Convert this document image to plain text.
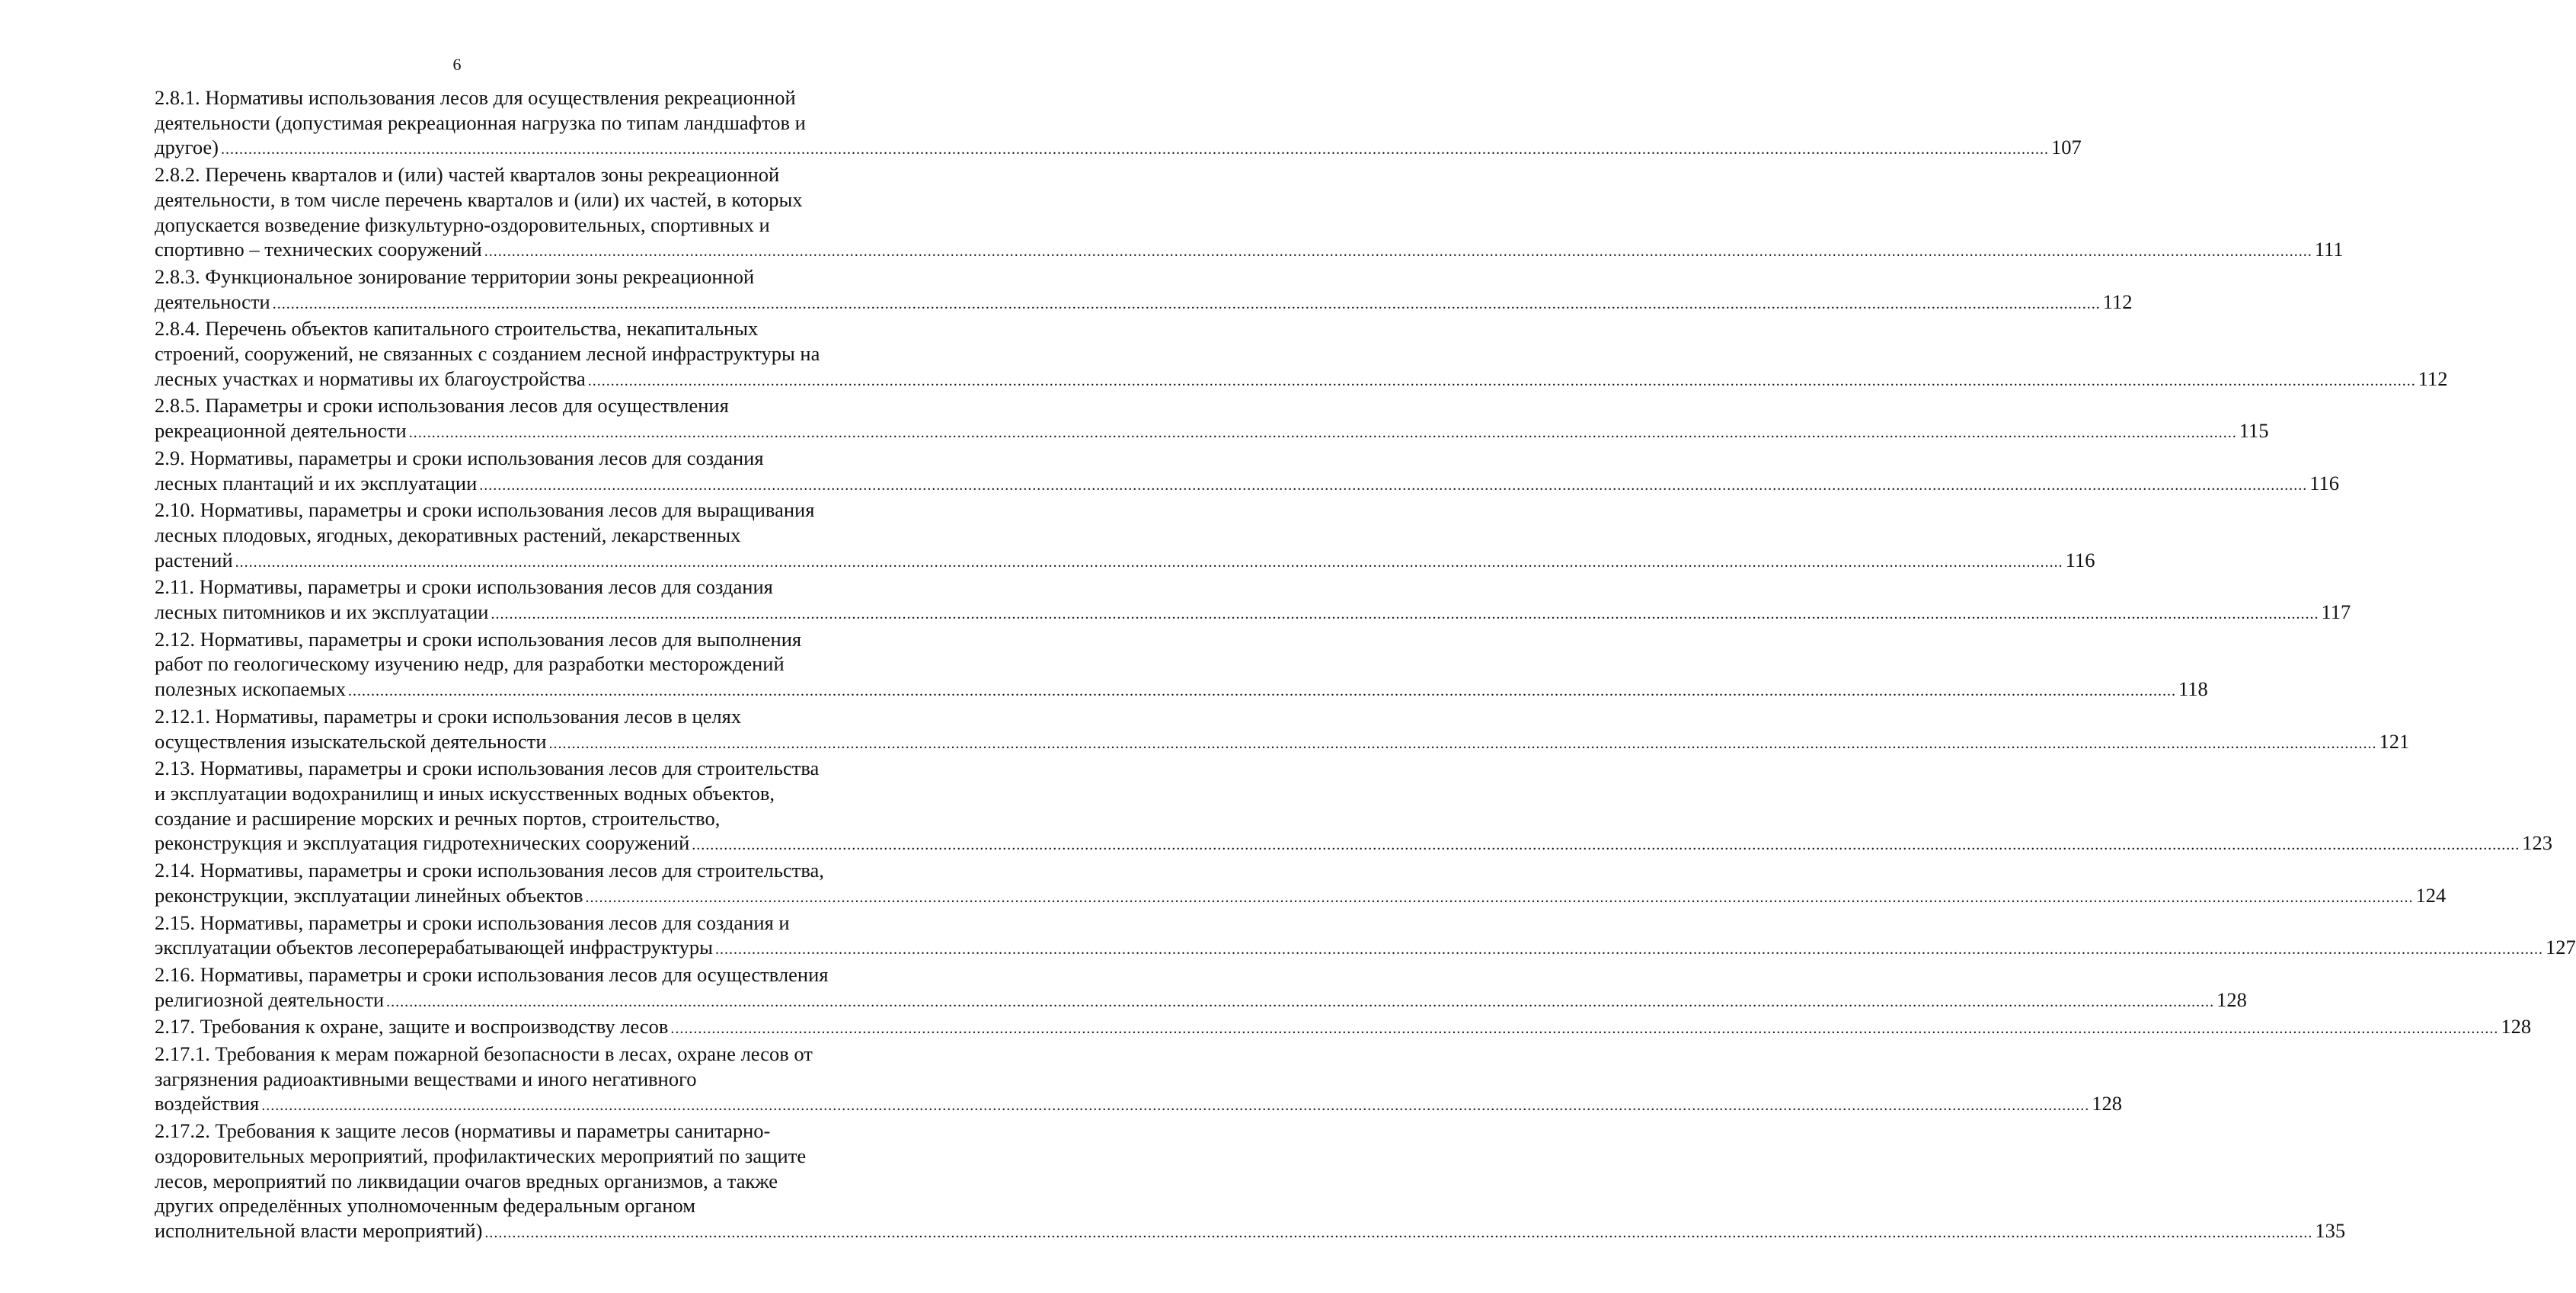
6
2.8.1. Нормативы использования лесов для осуществления рекреационной
деятельности (допустимая рекреационная нагрузка по типам ландшафтов и
другое) ................................................................................................................................................................................................................................................................................................................................................................................................................ 107
2.8.2. Перечень кварталов и (или) частей кварталов зоны рекреационной
деятельности, в том числе перечень кварталов и (или) их частей, в которых
допускается возведение физкультурно-оздоровительных, спортивных и
спортивно – технических сооружений ................................................................................................................................................................................................................................................................................................................................................................................................................ 111
2.8.3. Функциональное зонирование территории зоны рекреационной
деятельности ................................................................................................................................................................................................................................................................................................................................................................................................................ 112
2.8.4. Перечень объектов капитального строительства, некапитальных
строений, сооружений, не связанных с созданием лесной инфраструктуры на
лесных участках и нормативы их благоустройства ................................................................................................................................................................................................................................................................................................................................................................................................................ 112
2.8.5. Параметры и сроки использования лесов для осуществления
рекреационной деятельности ................................................................................................................................................................................................................................................................................................................................................................................................................ 115
2.9. Нормативы, параметры и сроки использования лесов для создания
лесных плантаций и их эксплуатации ................................................................................................................................................................................................................................................................................................................................................................................................................ 116
2.10. Нормативы, параметры и сроки использования лесов для выращивания
лесных плодовых, ягодных, декоративных растений, лекарственных
растений ................................................................................................................................................................................................................................................................................................................................................................................................................ 116
2.11. Нормативы, параметры и сроки использования лесов для создания
лесных питомников и их эксплуатации ................................................................................................................................................................................................................................................................................................................................................................................................................ 117
2.12. Нормативы, параметры и сроки использования лесов для выполнения
работ по геологическому изучению недр, для разработки месторождений
полезных ископаемых ................................................................................................................................................................................................................................................................................................................................................................................................................ 118
2.12.1. Нормативы, параметры и сроки использования лесов в целях
осуществления изыскательской деятельности ................................................................................................................................................................................................................................................................................................................................................................................................................ 121
2.13. Нормативы, параметры и сроки использования лесов для строительства
и эксплуатации водохранилищ и иных искусственных водных объектов,
создание и расширение морских и речных портов, строительство,
реконструкция и эксплуатация гидротехнических сооружений ................................................................................................................................................................................................................................................................................................................................................................................................................ 123
2.14. Нормативы, параметры и сроки использования лесов для строительства,
реконструкции, эксплуатации линейных объектов ................................................................................................................................................................................................................................................................................................................................................................................................................ 124
2.15. Нормативы, параметры и сроки использования лесов для создания и
эксплуатации объектов лесоперерабатывающей инфраструктуры ................................................................................................................................................................................................................................................................................................................................................................................................................ 127
2.16. Нормативы, параметры и сроки использования лесов для осуществления
религиозной деятельности ................................................................................................................................................................................................................................................................................................................................................................................................................ 128
2.17. Требования к охране, защите и воспроизводству лесов ................................................................................................................................................................................................................................................................................................................................................................................................................ 128
2.17.1. Требования к мерам пожарной безопасности в лесах, охране лесов от
загрязнения радиоактивными веществами и иного негативного
воздействия ................................................................................................................................................................................................................................................................................................................................................................................................................ 128
2.17.2. Требования к защите лесов (нормативы и параметры санитарно-
оздоровительных мероприятий, профилактических мероприятий по защите
лесов, мероприятий по ликвидации очагов вредных организмов, а также
других определённых уполномоченным федеральным органом
исполнительной власти мероприятий) ................................................................................................................................................................................................................................................................................................................................................................................................................ 135
